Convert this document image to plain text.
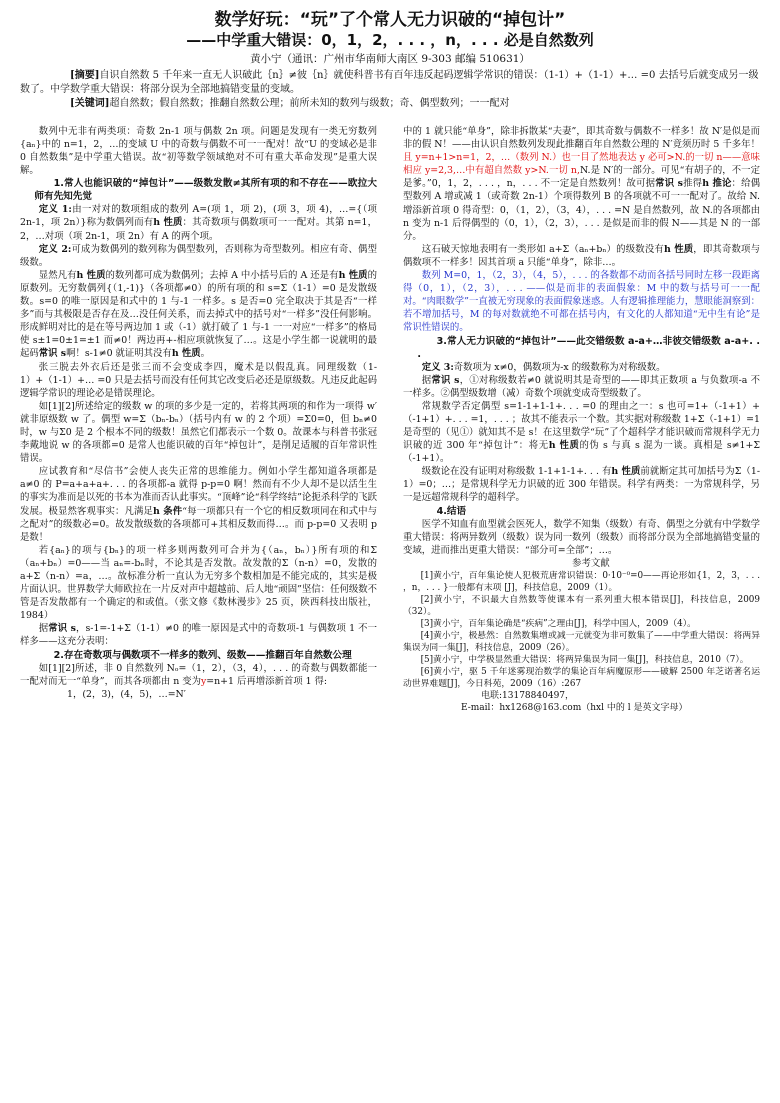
数学好玩：“玩”了个常人无力识破的“掉包计”
——中学重大错误：0，1，2，. . . ，n，. . . 必是自然数列

黄小宁（通讯：广州市华南师大南区 9-303 邮编 510631）

[摘要]自识自然数 5 千年来一直无人识破此｛n｝≠彼｛n｝就使科普书有百年违反起码逻辑学常识的错误：（1-1）+（1-1）+… =0 去括号后就变成另一级数了。中学数学重大错误：将部分误为全部地搞错变量的变域。

[关键词]超自然数；假自然数；推翻自然数公理；前所未知的数列与级数；奇、偶型数列；一一配对

数列中无非有两类项：奇数 2n-1 项与偶数 2n 项。问题是发现有一类无穷数列{aₙ}中的 n=1，2，…的变域 U 中的奇数与偶数不可一一配对！故“U 的变域必是非 0 自然数集”是中学重大错误。故“初等数学领域绝对不可有重大革命发现”是重大误解。

1.常人也能识破的“掉包计”——级数发散≠其所有项的和不存在——欧拉大师有先知先觉

定义 1:由一对对的数项组成的数列 A=(项 1，项 2)，(项 3，项 4)，…={（项 2n-1，项 2n）}称为数偶列而有h 性质：其奇数项与偶数项可一一配对。其第 n=1，2，…对项（项 2n-1，项 2n）有 A 的两个项。

定义 2:可成为数偶列的数列称为偶型数列，否则称为奇型数列。相应有奇、偶型级数。

显然凡有h 性质的数列都可成为数偶列；去掉 A 中小括号后的 A 还是有h 性质的原数列。无穷数偶列{（1,-1)}（各项都≠0）的所有项的和 s=Σ（1-1）=0 是发散级数。s=0 的唯一原因是和式中的 1 与-1 一样多。s 是否=0 完全取决于其是否“一样多”而与其极限是否存在及…没任何关系，而去掉式中的括号对“一样多”没任何影响。形成鲜明对比的是在等号两边加 1 或（-1）就打破了 1 与-1 一一对应“一样多”的格局使 s±1=0±1=±1 而≠0！两边再+-相应项就恢复了…。这是小学生都一说就明的最起码常识 s啊！s-1≠0 就证明其没有h 性质。

张三脱去外衣后还是张三而不会变成李四，魔术是以假乱真。同理级数（1-1）+（1-1）+… =0 只是去括号而没有任何其它改变后必还是原级数。凡违反此起码逻辑学常识的理论必是错误理论。

如[1][2]所述给定的级数 w 的项的多少是一定的，若将其两项的和作为一项得 w′就非原级数 w 了。偶型 w=Σ（bₙ-bₙ）（括号内有 w 的 2 个项）=Σ0=0，但 bₙ≠0 时，w 与Σ0 是 2 个根本不同的级数！虽然它们都表示一个数 0。故课本与科普书张冠李戴地说 w 的各项都=0 是常人也能识破的百年“掉包计”，是削足适履的百年常识性错误。

应试教育和“尽信书”会使人丧失正常的思维能力。例如小学生都知道各项都是 a≠0 的 P=a+a+a+. . . 的各项都-a 就得 p-p=0 啊！然而有不少人却不是以活生生的事实为准而是以死的书本为准而否认此事实。“顶峰”论“科学终结”论扼杀科学的飞跃发展。极显然客观事实：凡满足h 条件“每一项都只有一个它的相反数项同在和式中与之配对”的级数必=0。故发散级数的各项都可+其相反数而得…。而 p-p=0 又表明 p 是数！

若{aₙ}的项与{bₙ}的项一样多则两数列可合并为{（aₙ，bₙ）}所有项的和Σ（aₙ+bₙ）=0——当 aₙ=-bₙ时，不论其是否发散。故发散的Σ（n-n）=0，发散的 a+Σ（n-n）=a，…。故标准分析一直认为无穷多个数相加是不能完成的，其实是极片面认识。世界数学大师欧拉在一片反对声中超越前、后人地“顽固”坚信：任何级数不管是否发散都有一个确定的和或值。（张文修《数林漫步》25 页，陕西科技出版社，1984）

据常识 s，s-1=-1+Σ（1-1）≠0 的唯一原因是式中的奇数项-1 与偶数项 1 不一样多——这充分表明：

2.存在奇数项与偶数项不一样多的数列、级数——推翻百年自然数公理

如[1][2]所述，非 0 自然数列 Nₒ=（1，2），（3，4），. . . 的奇数与偶数都能一一配对而无一“单身”，而其各项都由 n 变为y=n+1 后再增添新首项 1 得:

1，(2，3)，(4，5)，…=N′

中的 1 就只能“单身”，除非拆散某“夫妻”，即其奇数与偶数不一样多！故 N′是似是而非的假 N！——由认识自然数列发现此推翻百年自然数公理的 N′竟须历时 5 千多年！且 y=n+1>n=1，2，…（数列 N.）也一目了然地表达 y 必可>N.的一切 n——意味相应 y=2,3,…中有超自然数 y>N.一切 n,N.是 N′的一部分。可见“有胡子的，不一定是爹。”0，1，2，. . . ，n，. . . 不一定是自然数列！故可据常识 s推得h 推论：给偶型数列 A 增或减 1（或奇数 2n-1）个项得数列 B 的各项就不可一一配对了。故给 N.增添新首项 0 得奇型：0，（1，2），（3，4），. . . =N 是自然数列，故 N.的各项都由 n 变为 n-1 后得偶型的（0，1），（2，3），. . . 是似是而非的假 N——其是 N 的一部分。

这石破天惊地表明有一类形如 a+Σ（aₙ+bₙ）的级数没有h 性质，即其奇数项与偶数项不一样多！因其首项 a 只能“单身”，除非…。

数列 M=0，1，（2，3），（4，5），. . . 的各数都不动而各括号同时左移一段距离得（0，1），（2，3），. . . ——似是而非的表面假象：M 中的数与括号可一一配对。“肉眼数学”一直被无穷现象的表面假象迷惑。人有逻辑推理能力，慧眼能洞察到：若不增加括号，M 的每对数就绝不可都在括号内，有文化的人都知道“无中生有论”是常识性错误的。

3.常人无力识破的“掉包计”——此交错级数 a-a+…非彼交错级数 a-a+. . .

定义 3:奇数项为 x≠0，偶数项为-x 的级数称为对称级数。

据常识 s，①对称级数若≠0 就说明其是奇型的——即其正数项 a 与负数项-a 不一样多。②偶型级数增（减）奇数个项就变成奇型级数了。

常规数学否定偶型 s=1-1+1-1+. . . =0 的理由之一：s 也可=1+（-1+1）+（-1+1）+. . . =1，. . . ；故其不能表示一个数。其实据对称级数 1+Σ（-1+1）=1 是奇型的（见①）就知其不是 s！在这里数学“玩”了个超科学才能识破而常规科学无力识破的近 300 年“掉包计”：将无h 性质的伪 s 与真 s 混为一谈。真相是 s≠1+Σ（-1+1）。

级数论在没有证明对称级数 1-1+1-1+. . . 有h 性质前就断定其可加括号为Σ（1-1）=0；…；是常规科学无力识破的近 300 年错误。科学有两类：一为常规科学，另一是远超常规科学的超科学。

4.结语

医学不知血有血型就会医死人，数学不知集（级数）有奇、偶型之分就有中学数学重大错误：将两异数列（级数）误为同一数列（级数）而将部分误为全部地搞错变量的变域，进而推出更重大错误：“部分可=全部”；…。

参考文献

[1]黄小宁，百年集论使人犯极荒唐常识错误：0·10⁻⁰=0——再论形如{1，2，3，. . . ，n，. . . }一般都有末项 [J]，科技信息，2009（1）。

[2]黄小宁，不识最大自然数等使课本有一系列重大根本错误[J]，科技信息，2009（32）。

[3]黄小宁，百年集论确是“疾病”之理由[J]，科学中国人，2009（4）。

[4]黄小宁，极悬然：自然数集增或减一元就变为非可数集了——中学重大错误：将两异集误为同一集[J]，科技信息，2009（26）。

[5]黄小宁，中学极显然重大错误：将两异集误为同一集[J]，科技信息，2010（7）。

[6]黄小宁，驱 5 千年迷雾现治数学的集论百年病魔原形——破解 2500 年芝诺著名运动世界难题[J]，今日科苑，2009（16）:267

电联:13178840497，

E-mail：hx1268@163.com（hxl 中的 l 是英文字母）
